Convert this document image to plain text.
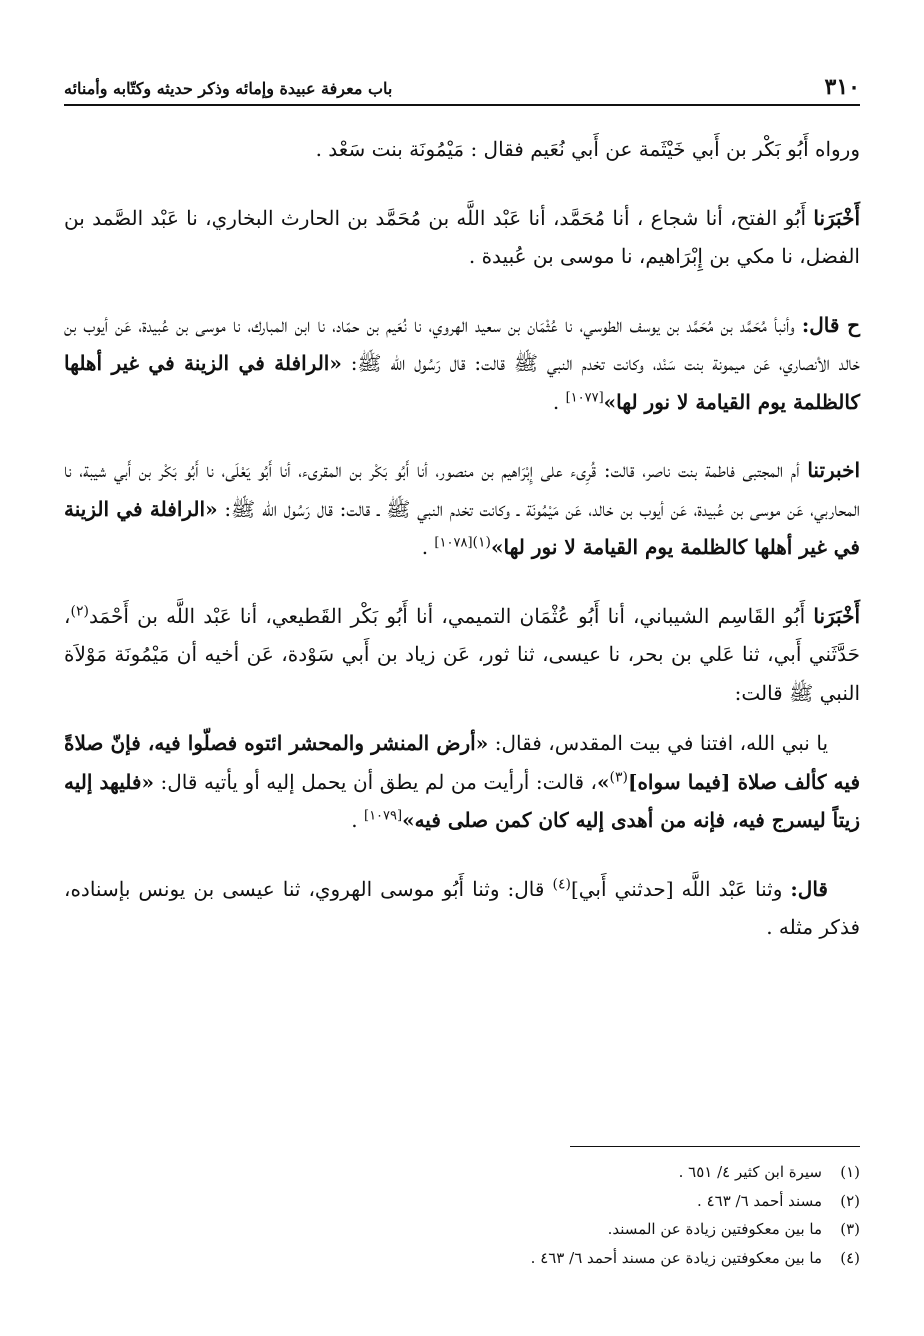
٣١٠
باب معرفة عبيدة وإمائه وذكر حديثه وكتّابه وأمنائه

ورواه أَبُو بَكْر بن أَبي خَيْثَمة عن أَبي نُعَيم فقال : مَيْمُونَة بنت سَعْد .

أَخْبَرَنا أَبُو الفتح، أنا شجاع ، أنا مُحَمَّد، أنا عَبْد اللَّه بن مُحَمَّد بن الحارث البخاري، نا عَبْد الصَّمد بن الفضل، نا مكي بن إِبْرَاهيم، نا موسى بن عُبيدة .

ح قال: وأنبأ مُحَمَّد بن مُحَمَّد بن يوسف الطوسي، نا عُثْمَان بن سعيد الهروي، نا نُعَيم بن حمّاد، نا ابن المبارك، نا موسى بن عُبيدة، عَن أيوب بن خالد الأنصاري، عَن ميمونة بنت سَنْد، وكانت تخدم النبي ﷺ قالت: قال رَسُول الله ﷺ: «الرافلة في الزينة في غير أهلها كالظلمة يوم القيامة لا نور لها»[١٠٧٧] .

اخبرتنا أم المجتبى فاطمة بنت ناصر، قالت: قُرِىء على إِبْرَاهيم بن منصور، أنا أَبُو بَكْر بن المقرىء، أنا أَبُو يَعْلَى، نا أَبُو بَكْر بن أَبي شيبة، نا المحاربي، عَن موسى بن عُبيدة، عَن أيوب بن خالد، عَن مَيْمُونَة ـ وكانت تخدم النبي ﷺ ـ قالت: قال رَسُول الله ﷺ: «الرافلة في الزينة في غير أهلها كالظلمة يوم القيامة لا نور لها»$^{(١)[١٠٧٨]}$ .

أَخْبَرَنا أَبُو القَاسِم الشيباني، أنا أَبُو عُثْمَان التميمي، أنا أَبُو بَكْر القَطيعي، أنا عَبْد اللَّه بن أَحْمَد$^{(٢)}$، حَدَّثَني أَبي، ثنا عَلي بن بحر، نا عيسى، ثنا ثور، عَن زياد بن أَبي سَوْدة، عَن أخيه أن مَيْمُونَة مَوْلاَة النبي ﷺ قالت:

يا نبي الله، افتنا في بيت المقدس، فقال: «أرض المنشر والمحشر ائتوه فصلّوا فيه، فإنّ صلاةً فيه كألف صلاة [فيما سواه]$^{(٣)}$»، قالت: أرأيت من لم يطق أن يحمل إليه أو يأتيه قال: «فليهد إليه زيتاً ليسرج فيه، فإنه من أهدى إليه كان كمن صلى فيه»[١٠٧٩] .

قال: وثنا عَبْد اللَّه [حدثني أَبي]$^{(٤)}$ قال: وثنا أَبُو موسى الهروي، ثنا عيسى بن يونس بإسناده، فذكر مثله .

(١)سيرة ابن كثير ٤/ ٦٥١ .

(٢)مسند أحمد ٦/ ٤٦٣ .

(٣)ما بين معكوفتين زيادة عن المسند.

(٤)ما بين معكوفتين زيادة عن مسند أحمد ٦/ ٤٦٣ .
